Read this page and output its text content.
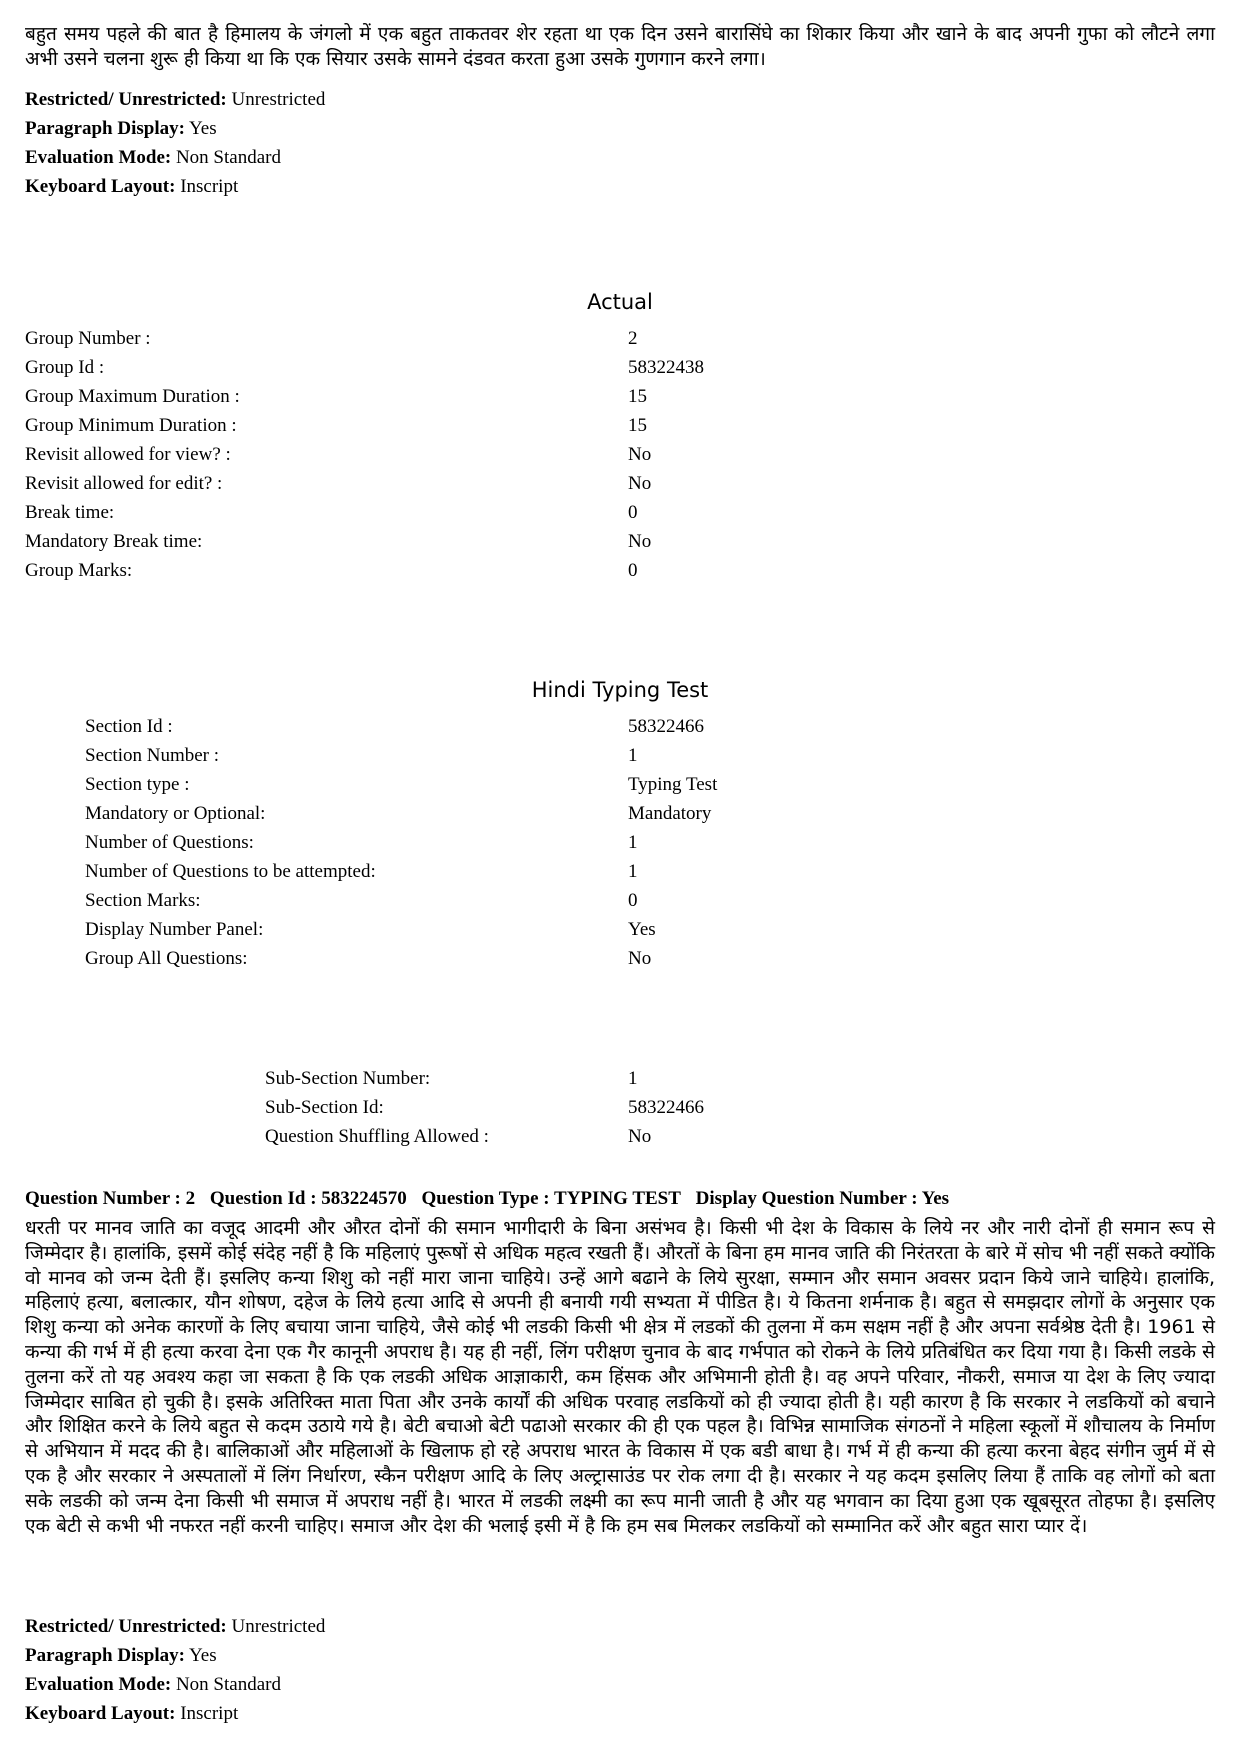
बहुत समय पहले की बात है हिमालय के जंगलो में एक बहुत ताकतवर शेर रहता था एक दिन उसने बारासिंघे का शिकार किया और खाने के बाद अपनी गुफा को लौटने लगा अभी उसने चलना शुरू ही किया था कि एक सियार उसके सामने दंडवत करता हुआ उसके गुणगान करने लगा।
Restricted/ Unrestricted: Unrestricted
Paragraph Display: Yes
Evaluation Mode: Non Standard
Keyboard Layout: Inscript
Actual
Group Number :	2
Group Id :	58322438
Group Maximum Duration :	15
Group Minimum Duration :	15
Revisit allowed for view? :	No
Revisit allowed for edit? :	No
Break time:	0
Mandatory Break time:	No
Group Marks:	0
Hindi Typing Test
Section Id :	58322466
Section Number :	1
Section type :	Typing Test
Mandatory or Optional:	Mandatory
Number of Questions:	1
Number of Questions to be attempted:	1
Section Marks:	0
Display Number Panel:	Yes
Group All Questions:	No
Sub-Section Number:	1
Sub-Section Id:	58322466
Question Shuffling Allowed :	No
Question Number : 2 Question Id : 583224570 Question Type : TYPING TEST Display Question Number : Yes
धरती पर मानव जाति का वजूद आदमी और औरत दोनों की समान भागीदारी के बिना असंभव है। किसी भी देश के विकास के लिये नर और नारी दोनों ही समान रूप से जिम्मेदार है। हालांकि, इसमें कोई संदेह नहीं है कि महिलाएं पुरूषों से अधिक महत्व रखती हैं। औरतों के बिना हम मानव जाति की निरंतरता के बारे में सोच भी नहीं सकते क्योंकि वो मानव को जन्म देती हैं। इसलिए कन्या शिशु को नहीं मारा जाना चाहिये। उन्हें आगे बढाने के लिये सुरक्षा, सम्मान और समान अवसर प्रदान किये जाने चाहिये। हालांकि, महिलाएं हत्या, बलात्कार, यौन शोषण, दहेज के लिये हत्या आदि से अपनी ही बनायी गयी सभ्यता में पीडित है। ये कितना शर्मनाक है। बहुत से समझदार लोगों के अनुसार एक शिशु कन्या को अनेक कारणों के लिए बचाया जाना चाहिये, जैसे कोई भी लडकी किसी भी क्षेत्र में लडकों की तुलना में कम सक्षम नहीं है और अपना सर्वश्रेष्ठ देती है। 1961 से कन्या की गर्भ में ही हत्या करवा देना एक गैर कानूनी अपराध है। यह ही नहीं, लिंग परीक्षण चुनाव के बाद गर्भपात को रोकने के लिये प्रतिबंधित कर दिया गया है। किसी लडके से तुलना करें तो यह अवश्य कहा जा सकता है कि एक लडकी अधिक आज्ञाकारी, कम हिंसक और अभिमानी होती है। वह अपने परिवार, नौकरी, समाज या देश के लिए ज्यादा जिम्मेदार साबित हो चुकी है। इसके अतिरिक्त माता पिता और उनके कार्यों की अधिक परवाह लडकियों को ही ज्यादा होती है। यही कारण है कि सरकार ने लडकियों को बचाने और शिक्षित करने के लिये बहुत से कदम उठाये गये है। बेटी बचाओ बेटी पढाओ सरकार की ही एक पहल है। विभिन्न सामाजिक संगठनों ने महिला स्कूलों में शौचालय के निर्माण से अभियान में मदद की है। बालिकाओं और महिलाओं के खिलाफ हो रहे अपराध भारत के विकास में एक बडी बाधा है। गर्भ में ही कन्या की हत्या करना बेहद संगीन जुर्म में से एक है और सरकार ने अस्पतालों में लिंग निर्धारण, स्कैन परीक्षण आदि के लिए अल्ट्रासाउंड पर रोक लगा दी है। सरकार ने यह कदम इसलिए लिया हैं ताकि वह लोगों को बता सके लडकी को जन्म देना किसी भी समाज में अपराध नहीं है। भारत में लडकी लक्ष्मी का रूप मानी जाती है और यह भगवान का दिया हुआ एक खूबसूरत तोहफा है। इसलिए एक बेटी से कभी भी नफरत नहीं करनी चाहिए। समाज और देश की भलाई इसी में है कि हम सब मिलकर लडकियों को सम्मानित करें और बहुत सारा प्यार दें।
Restricted/ Unrestricted: Unrestricted
Paragraph Display: Yes
Evaluation Mode: Non Standard
Keyboard Layout: Inscript
